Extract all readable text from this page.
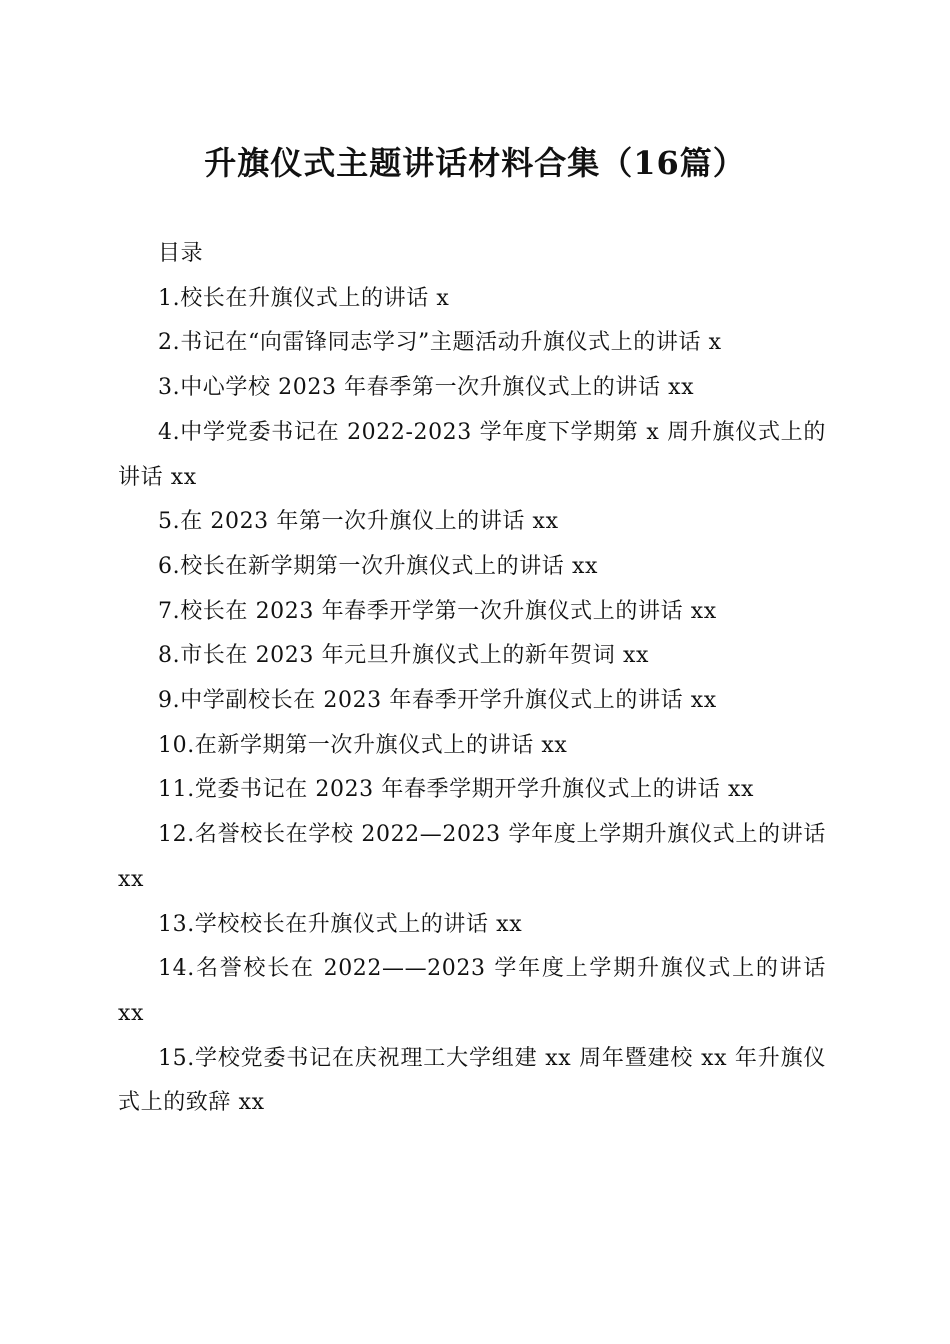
升旗仪式主题讲话材料合集（16篇）

目录

1.校长在升旗仪式上的讲话 x

2.书记在“向雷锋同志学习”主题活动升旗仪式上的讲话 x

3.中心学校 2023 年春季第一次升旗仪式上的讲话 xx

4.中学党委书记在 2022-2023 学年度下学期第 x 周升旗仪式上的讲话 xx

5.在 2023 年第一次升旗仪上的讲话 xx

6.校长在新学期第一次升旗仪式上的讲话 xx

7.校长在 2023 年春季开学第一次升旗仪式上的讲话 xx

8.市长在 2023 年元旦升旗仪式上的新年贺词 xx

9.中学副校长在 2023 年春季开学升旗仪式上的讲话 xx

10.在新学期第一次升旗仪式上的讲话 xx

11.党委书记在 2023 年春季学期开学升旗仪式上的讲话 xx

12.名誉校长在学校 2022—2023 学年度上学期升旗仪式上的讲话 xx

13.学校校长在升旗仪式上的讲话 xx

14.名誉校长在 2022——2023 学年度上学期升旗仪式上的讲话 xx

15.学校党委书记在庆祝理工大学组建 xx 周年暨建校 xx 年升旗仪式上的致辞 xx
